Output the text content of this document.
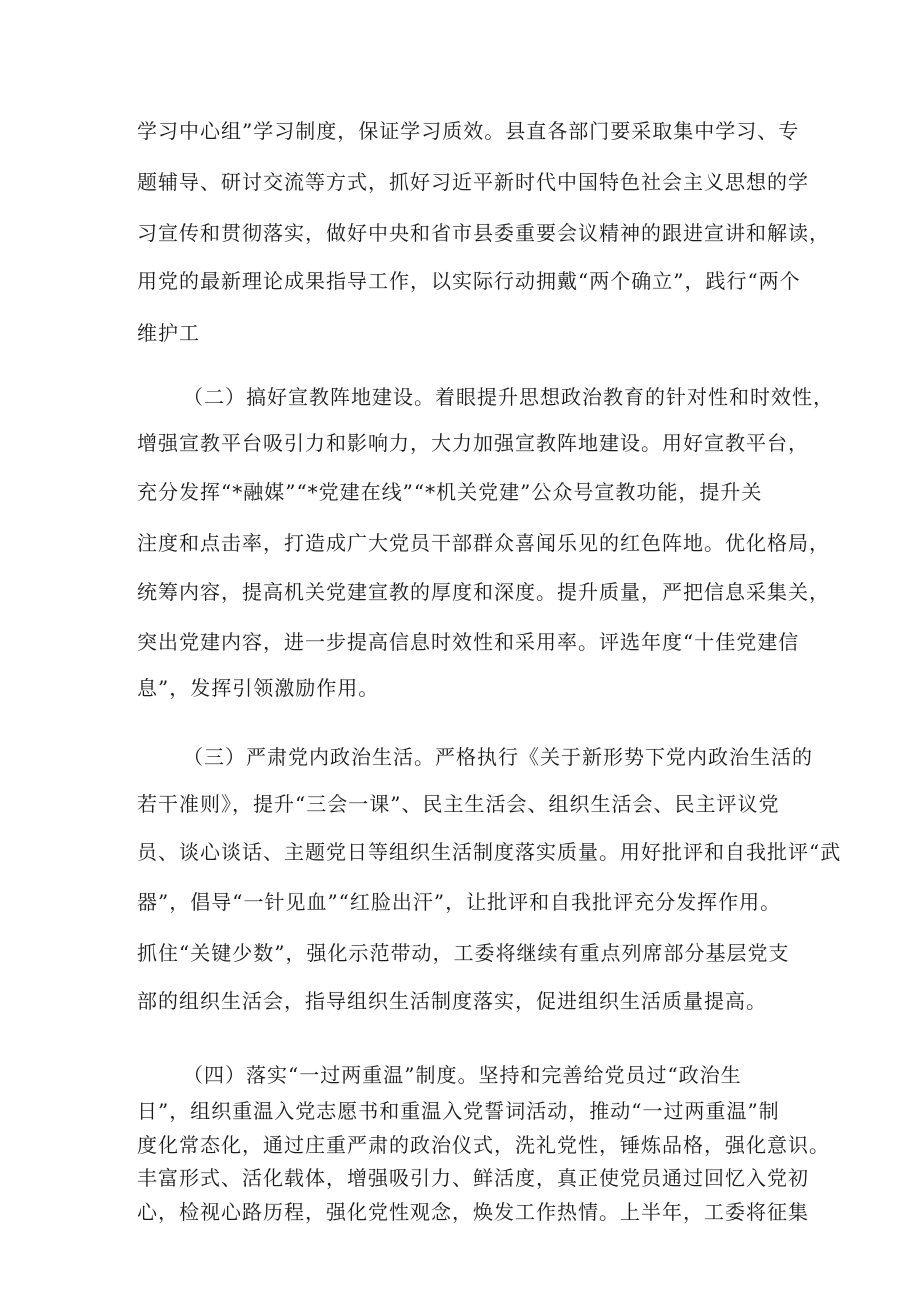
学习中心组”学习制度，保证学习质效。县直各部门要采取集中学习、专
题辅导、研讨交流等方式，抓好习近平新时代中国特色社会主义思想的学
习宣传和贯彻落实，做好中央和省市县委重要会议精神的跟进宣讲和解读，
用党的最新理论成果指导工作，以实际行动拥戴“两个确立”，践行“两个
维护工
（二）搞好宣教阵地建设。着眼提升思想政治教育的针对性和时效性，
增强宣教平台吸引力和影响力，大力加强宣教阵地建设。用好宣教平台，
充分发挥“*融媒”“*党建在线”“*机关党建”公众号宣教功能，提升关
注度和点击率，打造成广大党员干部群众喜闻乐见的红色阵地。优化格局，
统筹内容，提高机关党建宣教的厚度和深度。提升质量，严把信息采集关，
突出党建内容，进一步提高信息时效性和采用率。评选年度“十佳党建信
息”，发挥引领激励作用。
（三）严肃党内政治生活。严格执行《关于新形势下党内政治生活的
若干准则》，提升“三会一课”、民主生活会、组织生活会、民主评议党
员、谈心谈话、主题党日等组织生活制度落实质量。用好批评和自我批评“武
器”，倡导“一针见血”“红脸出汗”，让批评和自我批评充分发挥作用。
抓住“关键少数”，强化示范带动，工委将继续有重点列席部分基层党支
部的组织生活会，指导组织生活制度落实，促进组织生活质量提高。
（四）落实“一过两重温”制度。坚持和完善给党员过“政治生
日”，组织重温入党志愿书和重温入党誓词活动，推动“一过两重温”制
度化常态化，通过庄重严肃的政治仪式，洗礼党性，锤炼品格，强化意识。
丰富形式、活化载体，增强吸引力、鲜活度，真正使党员通过回忆入党初
心，检视心路历程，强化党性观念，焕发工作热情。上半年，工委将征集
